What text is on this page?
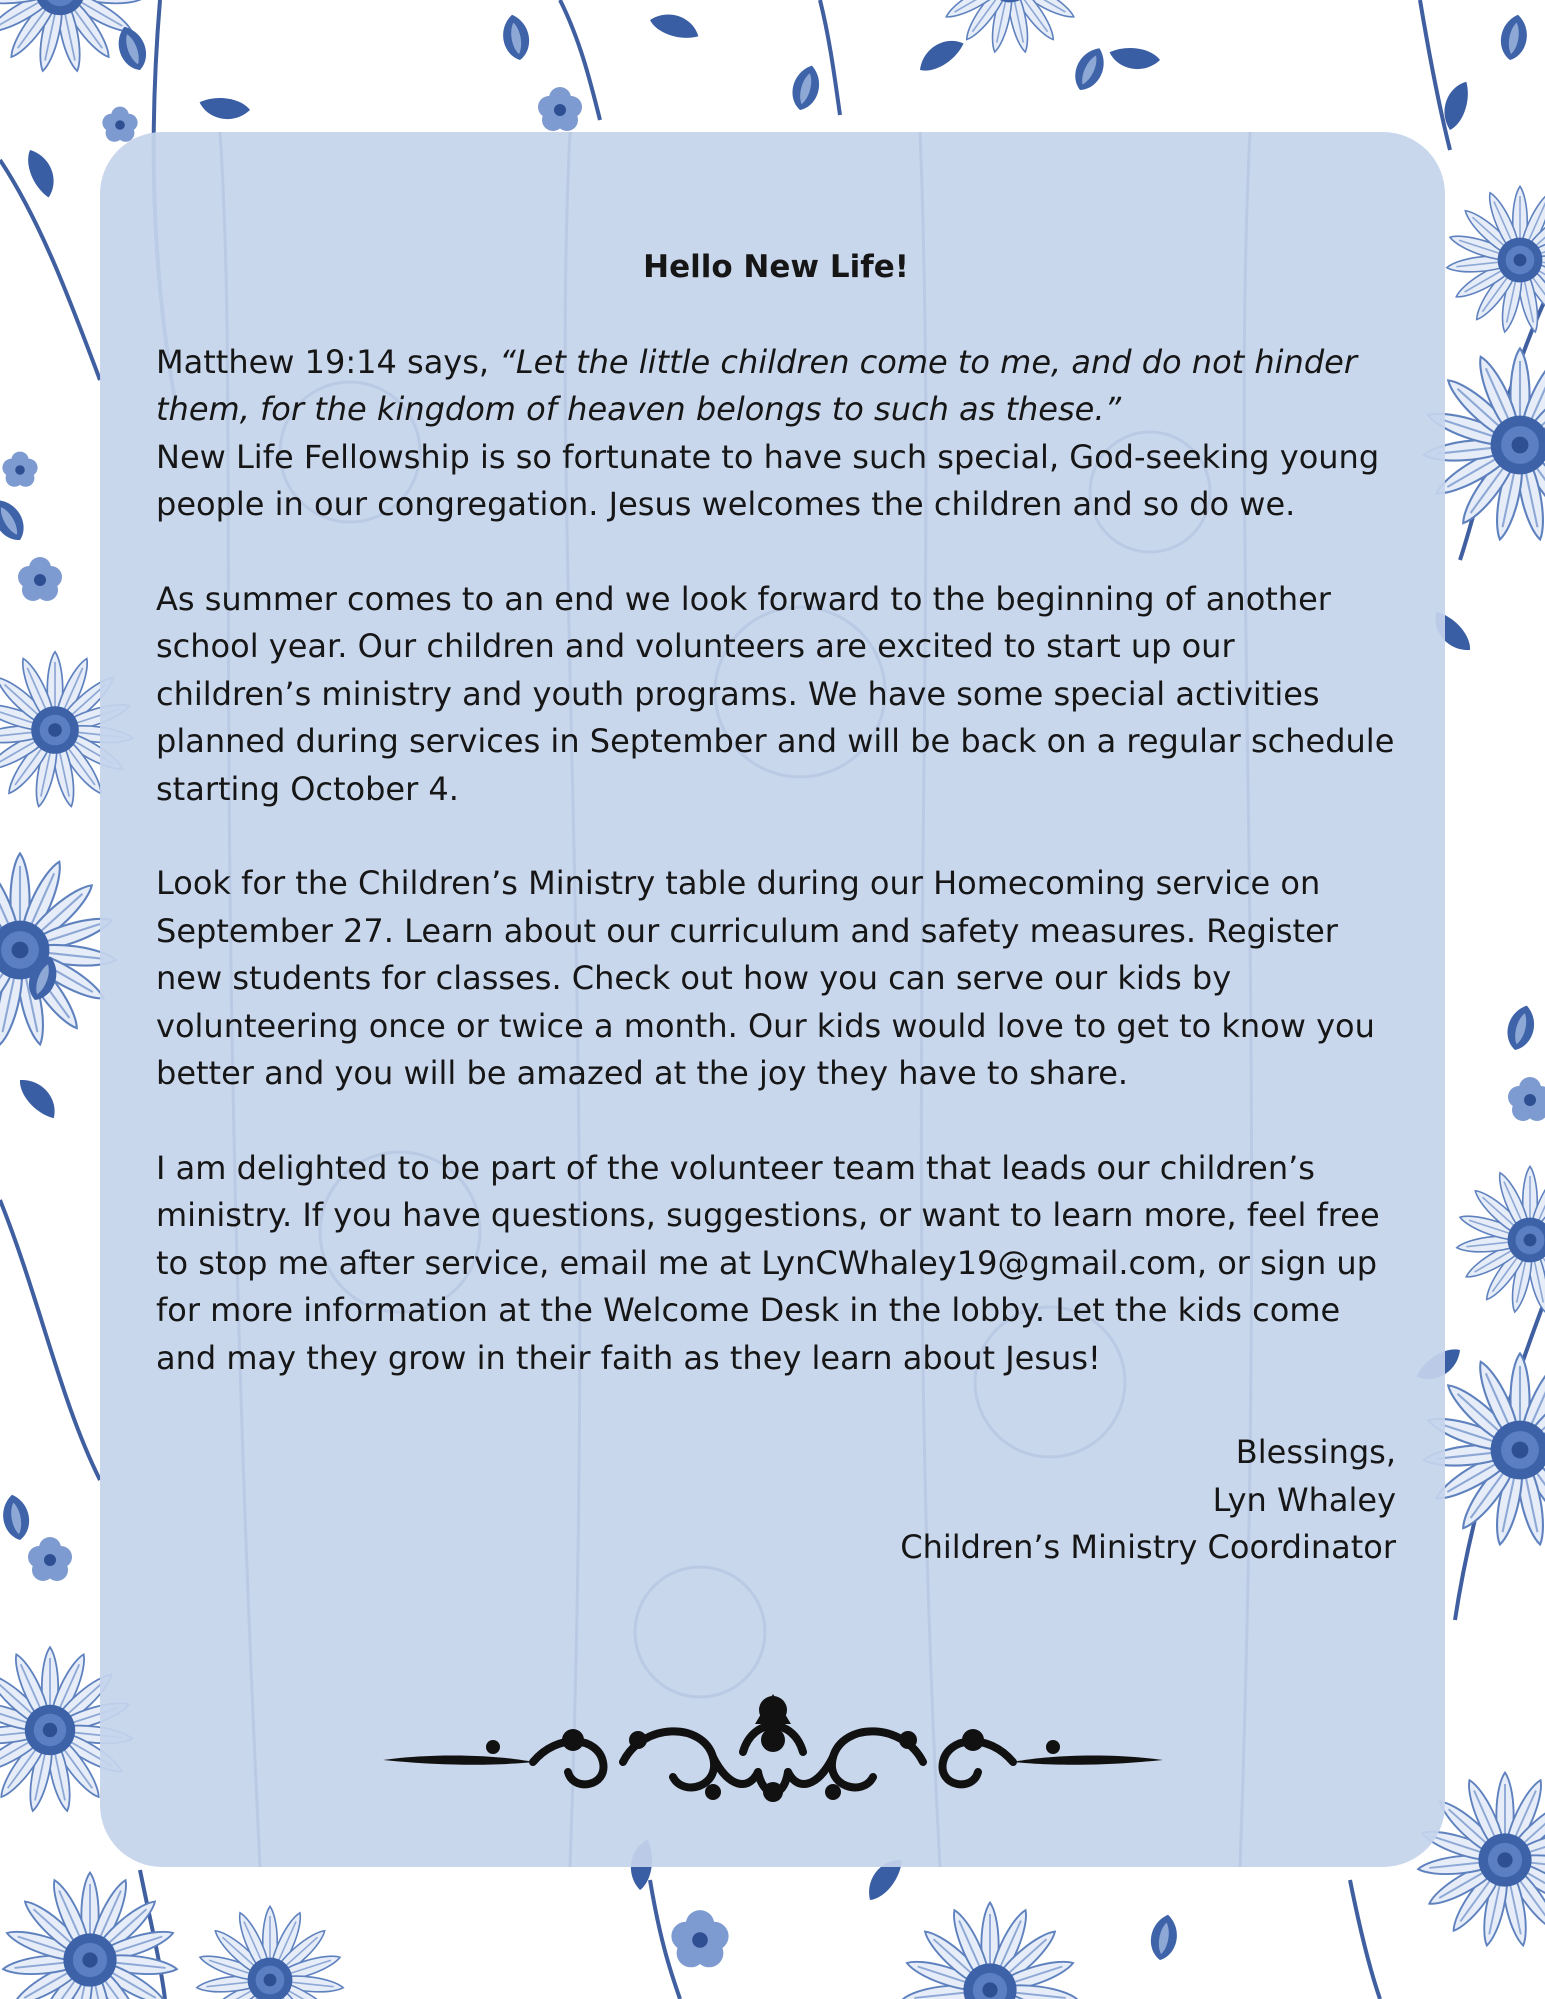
Hello New Life!

Matthew 19:14 says, “Let the little children come to me, and do not hinder them, for the kingdom of heaven belongs to such as these.”

New Life Fellowship is so fortunate to have such special, God-seeking young people in our congregation. Jesus welcomes the children and so do we.

As summer comes to an end we look forward to the beginning of another school year. Our children and volunteers are excited to start up our children’s ministry and youth programs. We have some special activities planned during services in September and will be back on a regular schedule starting October 4.
Look for the Children’s Ministry table during our Homecoming service on September 27. Learn about our curriculum and safety measures. Register new students for classes. Check out how you can serve our kids by volunteering once or twice a month. Our kids would love to get to know you better and you will be amazed at the joy they have to share.
I am delighted to be part of the volunteer team that leads our children’s ministry. If you have questions, suggestions, or want to learn more, feel free to stop me after service, email me at LynCWhaley19@gmail.com, or sign up for more information at the Welcome Desk in the lobby. Let the kids come and may they grow in their faith as they learn about Jesus!
Blessings,
Lyn Whaley
Children’s Ministry Coordinator
